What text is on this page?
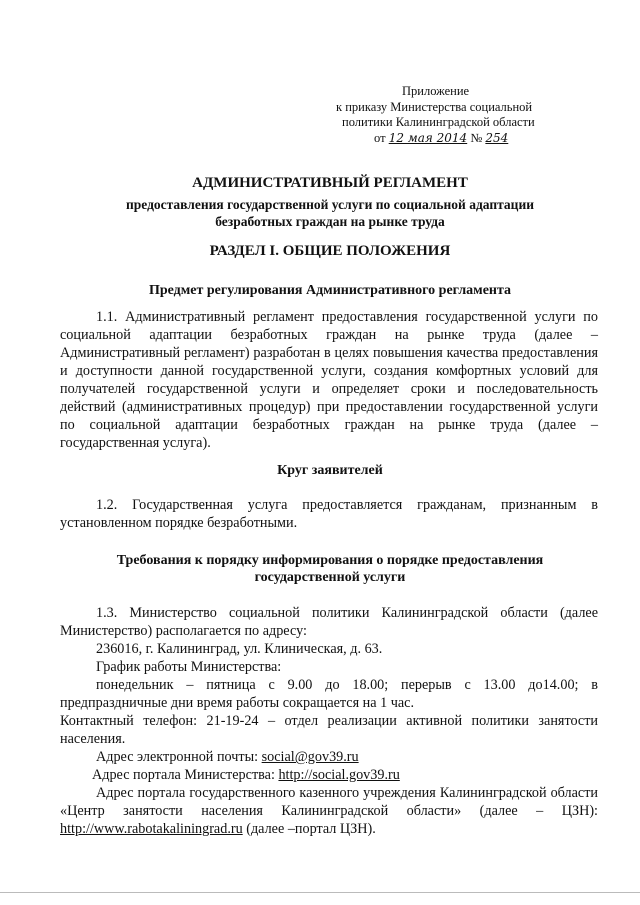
Приложение
к приказу Министерства социальной
политики Калининградской области
от 12 мая 2014 № 254
АДМИНИСТРАТИВНЫЙ РЕГЛАМЕНТ
предоставления государственной услуги по социальной адаптации
безработных граждан на рынке труда
РАЗДЕЛ I. ОБЩИЕ ПОЛОЖЕНИЯ
Предмет регулирования Административного регламента
1.1. Административный регламент предоставления государственной услуги по социальной адаптации безработных граждан на рынке труда (далее – Административный регламент) разработан в целях повышения качества предоставления и доступности данной государственной услуги, создания комфортных условий для получателей государственной услуги и определяет сроки и последовательность действий (административных процедур) при предоставлении государственной услуги по социальной адаптации безработных граждан на рынке труда (далее – государственная услуга).
Круг заявителей
1.2. Государственная услуга предоставляется гражданам, признанным в установленном порядке безработными.
Требования к порядку информирования о порядке предоставления
государственной услуги
1.3. Министерство социальной политики Калининградской области (далее Министерство) располагается по адресу:
236016, г. Калининград, ул. Клиническая, д. 63.
График работы Министерства:
понедельник – пятница с 9.00 до 18.00; перерыв с 13.00 до14.00; в предпраздничные дни время работы сокращается на 1 час.
Контактный телефон: 21-19-24 – отдел реализации активной политики занятости населения.
Адрес электронной почты: social@gov39.ru
Адрес портала Министерства: http://social.gov39.ru
Адрес портала государственного казенного учреждения Калининградской области «Центр занятости населения Калининградской области» (далее – ЦЗН): http://www.rabotakaliningrad.ru (далее –портал ЦЗН).
